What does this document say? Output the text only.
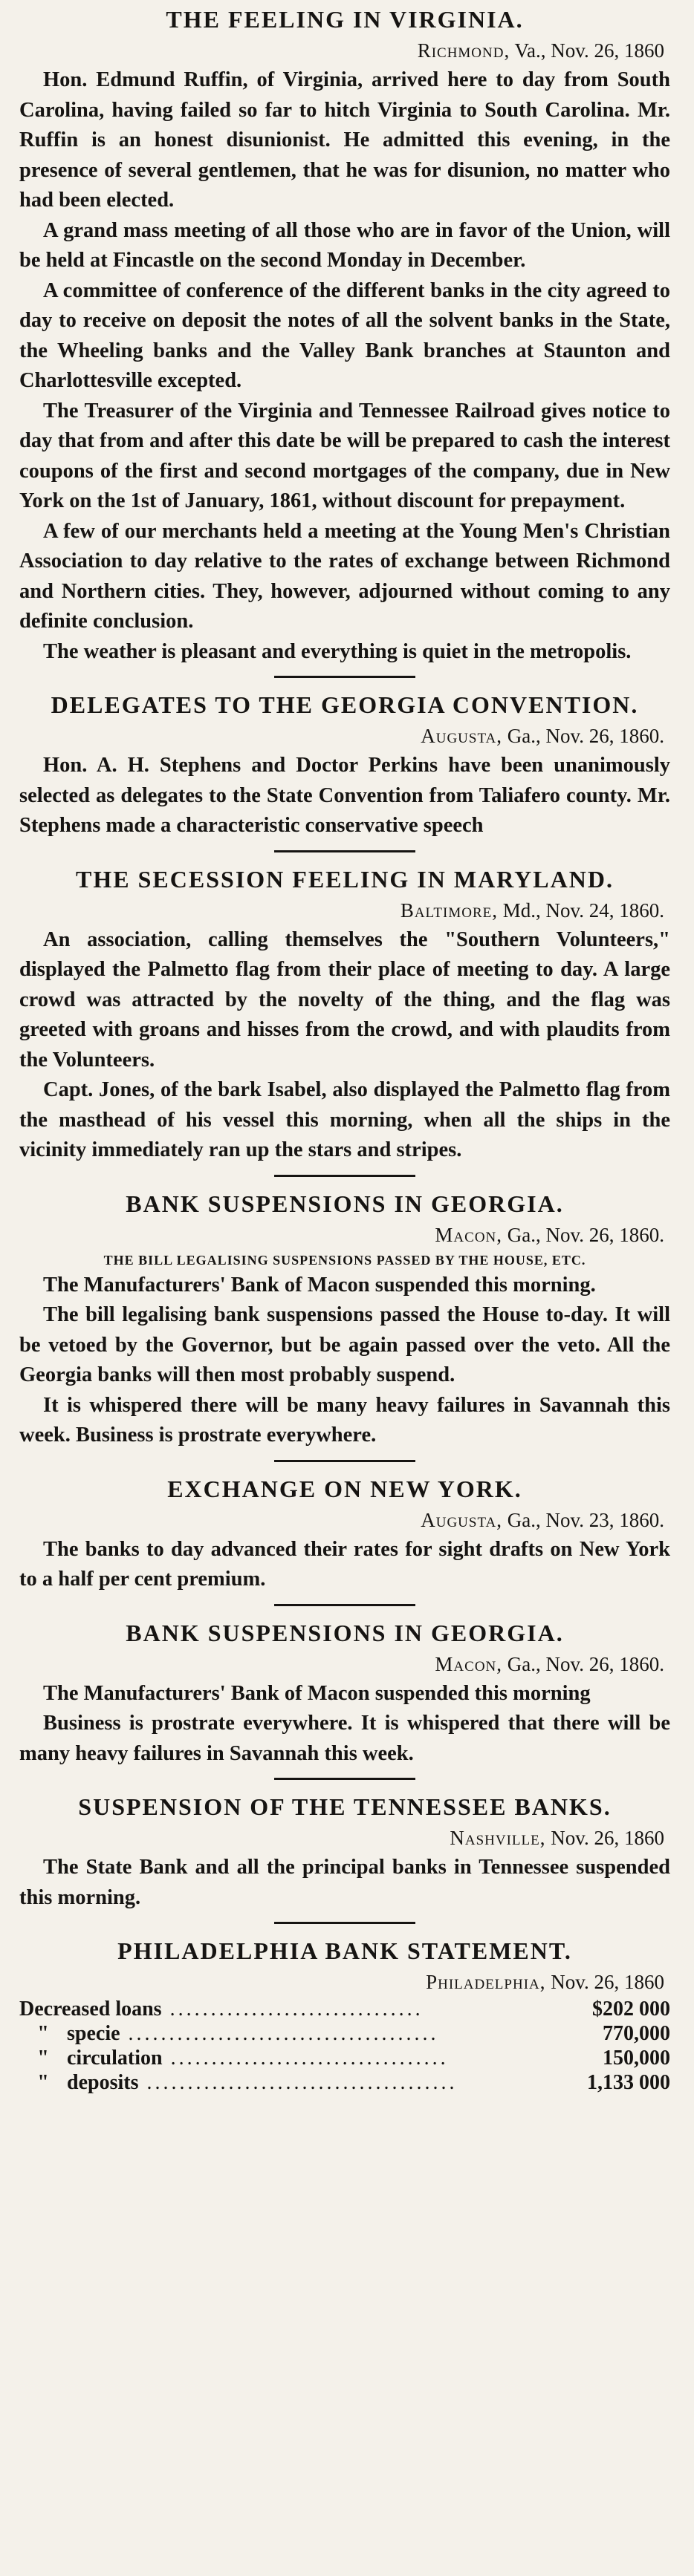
THE FEELING IN VIRGINIA.

Richmond, Va., Nov. 26, 1860

Hon. Edmund Ruffin, of Virginia, arrived here to day from South Carolina, having failed so far to hitch Virginia to South Carolina. Mr. Ruffin is an honest disunionist. He admitted this evening, in the presence of several gentlemen, that he was for disunion, no matter who had been elected.

A grand mass meeting of all those who are in favor of the Union, will be held at Fincastle on the second Monday in December.

A committee of conference of the different banks in the city agreed to day to receive on deposit the notes of all the solvent banks in the State, the Wheeling banks and the Valley Bank branches at Staunton and Charlottesville excepted.

The Treasurer of the Virginia and Tennessee Railroad gives notice to day that from and after this date be will be prepared to cash the interest coupons of the first and second mortgages of the company, due in New York on the 1st of January, 1861, without discount for prepayment.

A few of our merchants held a meeting at the Young Men's Christian Association to day relative to the rates of exchange between Richmond and Northern cities. They, however, adjourned without coming to any definite conclusion.

The weather is pleasant and everything is quiet in the metropolis.

DELEGATES TO THE GEORGIA CONVENTION.

Augusta, Ga., Nov. 26, 1860.

Hon. A. H. Stephens and Doctor Perkins have been unanimously selected as delegates to the State Convention from Taliafero county. Mr. Stephens made a characteristic conservative speech

THE SECESSION FEELING IN MARYLAND.

Baltimore, Md., Nov. 24, 1860.

An association, calling themselves the "Southern Volunteers," displayed the Palmetto flag from their place of meeting to day. A large crowd was attracted by the novelty of the thing, and the flag was greeted with groans and hisses from the crowd, and with plaudits from the Volunteers.

Capt. Jones, of the bark Isabel, also displayed the Palmetto flag from the masthead of his vessel this morning, when all the ships in the vicinity immediately ran up the stars and stripes.

BANK SUSPENSIONS IN GEORGIA.

Macon, Ga., Nov. 26, 1860.

THE BILL LEGALISING SUSPENSIONS PASSED BY THE HOUSE, ETC.

The Manufacturers' Bank of Macon suspended this morning.

The bill legalising bank suspensions passed the House to-day. It will be vetoed by the Governor, but be again passed over the veto. All the Georgia banks will then most probably suspend.

It is whispered there will be many heavy failures in Savannah this week. Business is prostrate everywhere.

EXCHANGE ON NEW YORK.

Augusta, Ga., Nov. 23, 1860.

The banks to day advanced their rates for sight drafts on New York to a half per cent premium.

BANK SUSPENSIONS IN GEORGIA.

Macon, Ga., Nov. 26, 1860.

The Manufacturers' Bank of Macon suspended this morning

Business is prostrate everywhere. It is whispered that there will be many heavy failures in Savannah this week.

SUSPENSION OF THE TENNESSEE BANKS.

Nashville, Nov. 26, 1860

The State Bank and all the principal banks in Tennessee suspended this morning.

PHILADELPHIA BANK STATEMENT.

Philadelphia, Nov. 26, 1860

Decreased loans ...............................	$202 000
" specie ......................................	770,000
" circulation ..................................	150,000
" deposits ......................................	1,133 000
